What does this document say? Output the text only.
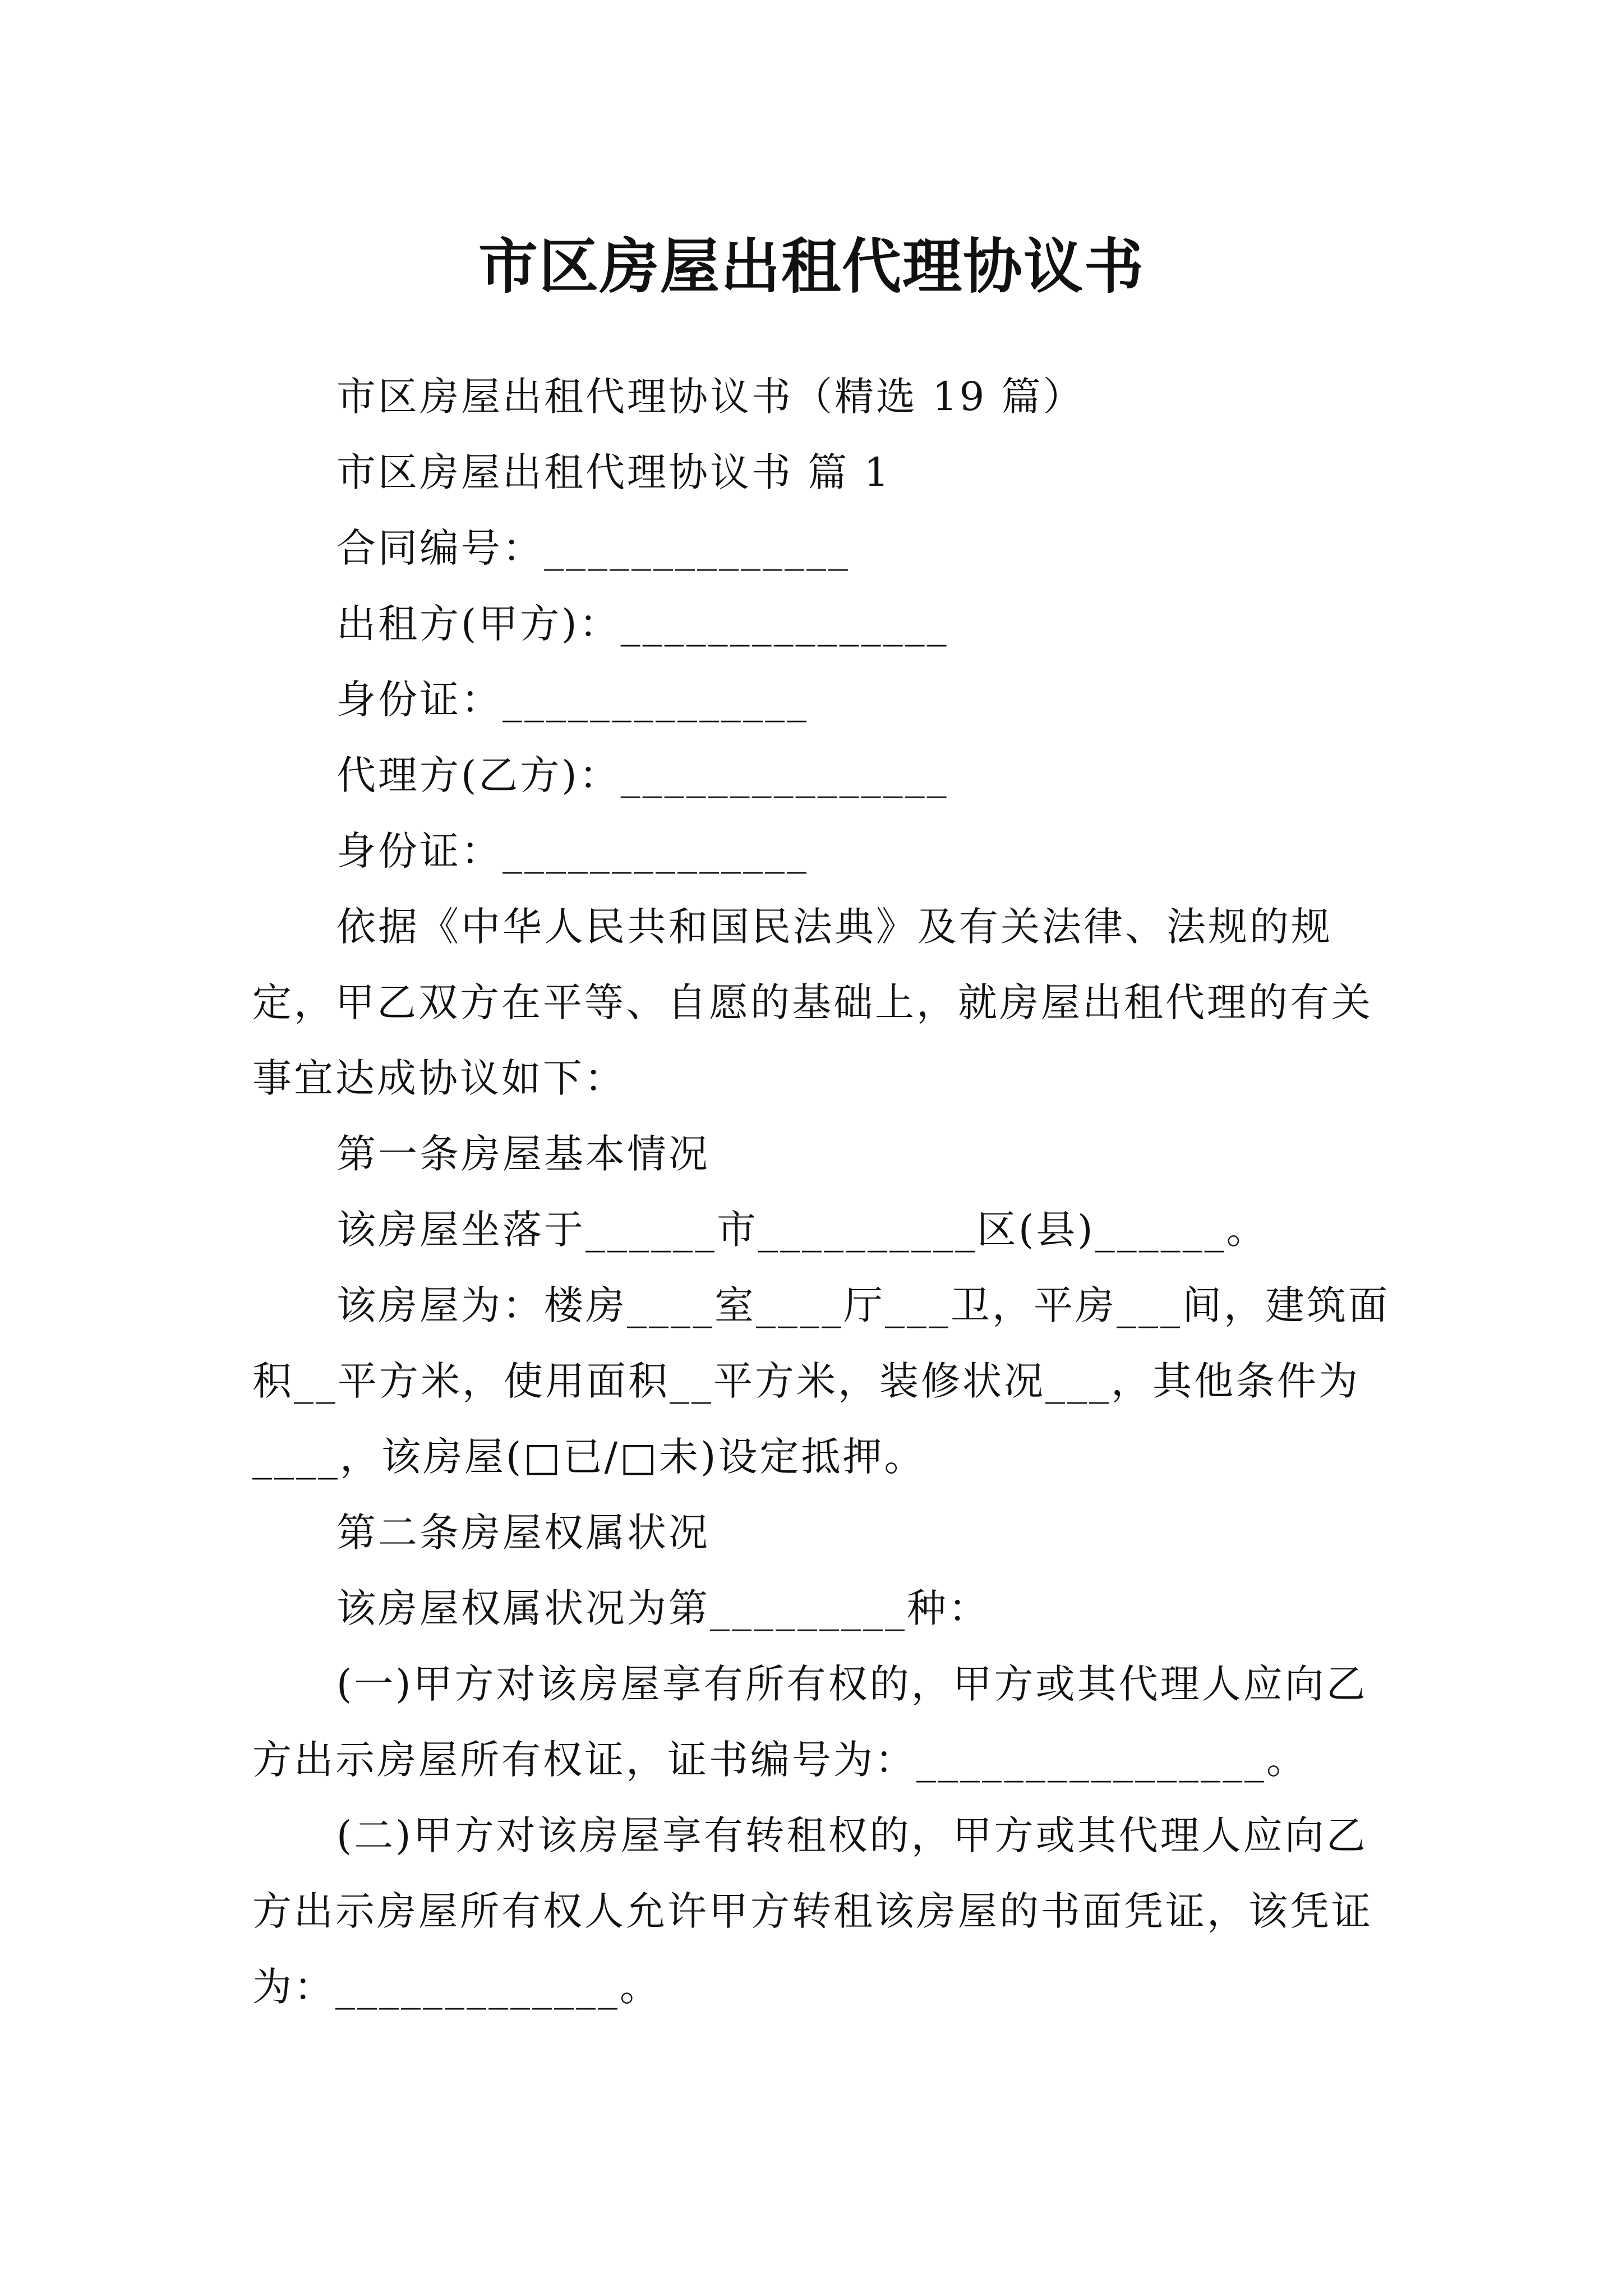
市区房屋出租代理协议书

市区房屋出租代理协议书（精选 19 篇）

市区房屋出租代理协议书 篇 1

合同编号：______________

出租方(甲方)：_______________

身份证：______________

代理方(乙方)：_______________

身份证：______________

依据《中华人民共和国民法典》及有关法律、法规的规定，甲乙双方在平等、自愿的基础上，就房屋出租代理的有关事宜达成协议如下：

第一条房屋基本情况

该房屋坐落于______市__________区(县)______。

该房屋为：楼房____室____厅___卫，平房___间，建筑面积__平方米，使用面积__平方米，装修状况___，其他条件为____，该房屋(□已/□未)设定抵押。

第二条房屋权属状况

该房屋权属状况为第_________种：

(一)甲方对该房屋享有所有权的，甲方或其代理人应向乙方出示房屋所有权证，证书编号为：________________。

(二)甲方对该房屋享有转租权的，甲方或其代理人应向乙方出示房屋所有权人允许甲方转租该房屋的书面凭证，该凭证为：_____________。
